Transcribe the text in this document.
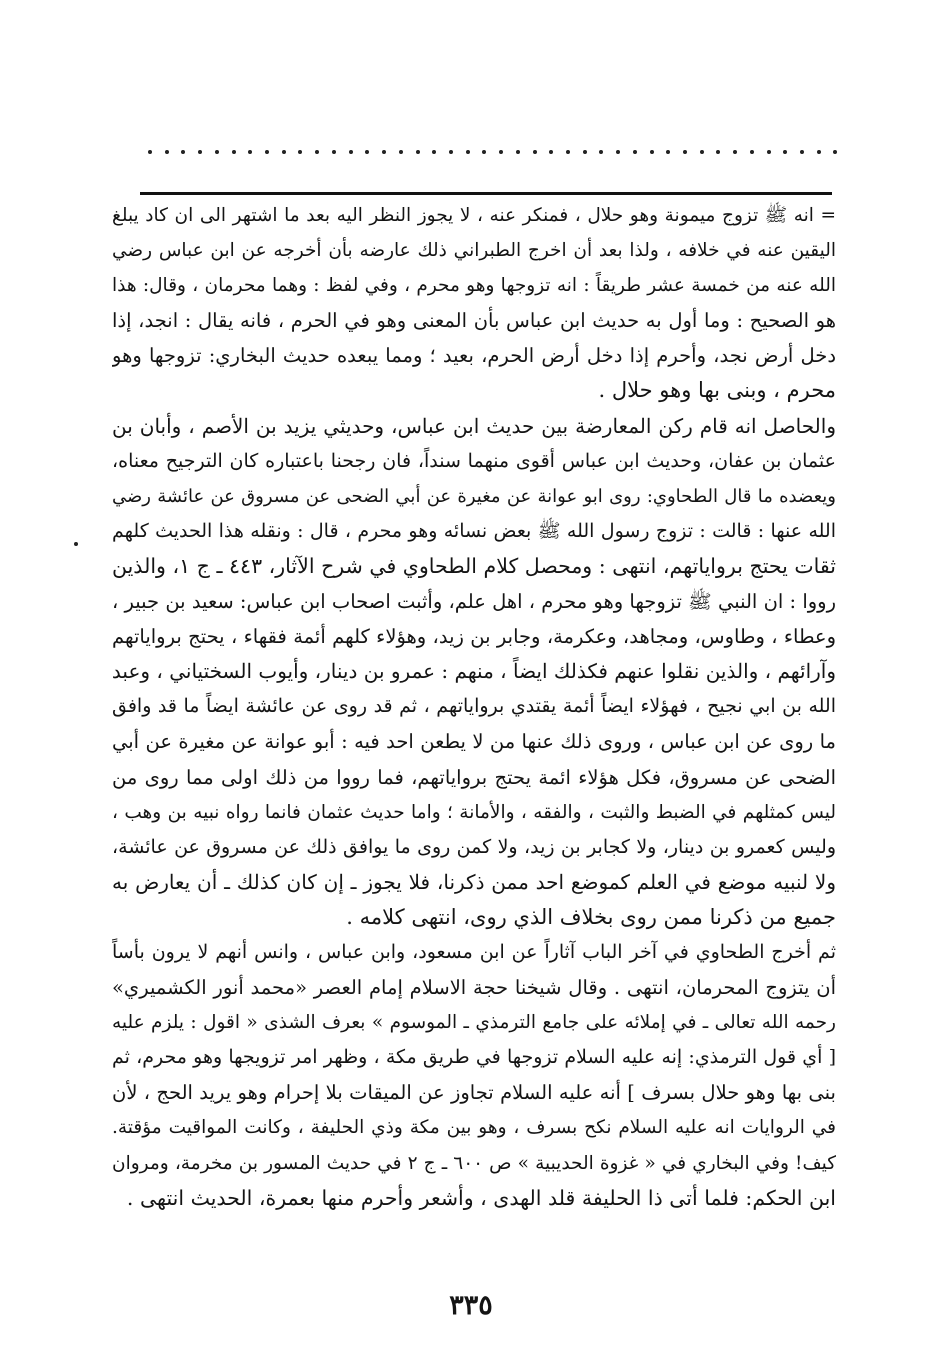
= انه ﷺ تزوج ميمونة وهو حلال ، فمنكر عنه ، لا يجوز النظر اليه بعد ما اشتهر الى ان كاد يبلغ
اليقين عنه في خلافه ، ولذا بعد أن اخرج الطبراني ذلك عارضه بأن أخرجه عن ابن عباس رضي
الله عنه من خمسة عشر طريقاً : انه تزوجها وهو محرم ، وفي لفظ : وهما محرمان ، وقال: هذا
هو الصحيح : وما أول به حديث ابن عباس بأن المعنى وهو في الحرم ، فانه يقال : انجد، إذا
دخل أرض نجد، وأحرم إذا دخل أرض الحرم، بعيد ؛ ومما يبعده حديث البخاري: تزوجها وهو
محرم ، وبنى بها وهو حلال .
والحاصل انه قام ركن المعارضة بين حديث ابن عباس، وحديثي يزيد بن الأصم ، وأبان بن
عثمان بن عفان، وحديث ابن عباس أقوى منهما سنداً، فان رجحنا باعتباره كان الترجيح معناه،
ويعضده ما قال الطحاوي: روى ابو عوانة عن مغيرة عن أبي الضحى عن مسروق عن عائشة رضي
الله عنها : قالت : تزوج رسول الله ﷺ بعض نسائه وهو محرم ، قال : ونقله هذا الحديث كلهم
ثقات يحتج برواياتهم، انتهى : ومحصل كلام الطحاوي في شرح الآثار، ٤٤٣ ـ ج ١، والذين
رووا : ان النبي ﷺ تزوجها وهو محرم ، اهل علم، وأثبت اصحاب ابن عباس: سعيد بن جبير ،
وعطاء ، وطاوس، ومجاهد، وعكرمة، وجابر بن زيد، وهؤلاء كلهم أئمة فقهاء ، يحتج برواياتهم
وآرائهم ، والذين نقلوا عنهم فكذلك ايضاً ، منهم : عمرو بن دينار، وأيوب السختياني ، وعبد
الله بن ابي نجيح ، فهؤلاء ايضاً أئمة يقتدي برواياتهم ، ثم قد روى عن عائشة ايضاً ما قد وافق
ما روى عن ابن عباس ، وروى ذلك عنها من لا يطعن احد فيه : أبو عوانة عن مغيرة عن أبي
الضحى عن مسروق، فكل هؤلاء ائمة يحتج برواياتهم، فما رووا من ذلك اولى مما روى من
ليس كمثلهم في الضبط والثبت ، والفقه ، والأمانة ؛ واما حديث عثمان فانما رواه نبيه بن وهب ،
وليس كعمرو بن دينار، ولا كجابر بن زيد، ولا كمن روى ما يوافق ذلك عن مسروق عن عائشة،
ولا لنبيه موضع في العلم كموضع احد ممن ذكرنا، فلا يجوز ـ إن كان كذلك ـ أن يعارض به
جميع من ذكرنا ممن روى بخلاف الذي روى، انتهى كلامه .
ثم أخرج الطحاوي في آخر الباب آثاراً عن ابن مسعود، وابن عباس ، وانس أنهم لا يرون بأساً
أن يتزوج المحرمان، انتهى . وقال شيخنا حجة الاسلام إمام العصر «محمد أنور الكشميري»
رحمه الله تعالى ـ في إملائه على جامع الترمذي ـ الموسوم » بعرف الشذى « اقول : يلزم عليه
[ أي قول الترمذي: إنه عليه السلام تزوجها في طريق مكة ، وظهر امر تزويجها وهو محرم، ثم
بنى بها وهو حلال بسرف ] أنه عليه السلام تجاوز عن الميقات بلا إحرام وهو يريد الحج ، لأن
في الروايات انه عليه السلام نكح بسرف ، وهو بين مكة وذي الحليفة ، وكانت المواقيت مؤقتة.
كيف! وفي البخاري في « غزوة الحديبية » ص ٦٠٠ ـ ج ٢ في حديث المسور بن مخرمة، ومروان
ابن الحكم: فلما أتى ذا الحليفة قلد الهدى ، وأشعر وأحرم منها بعمرة، الحديث انتهى .
٣٣٥
